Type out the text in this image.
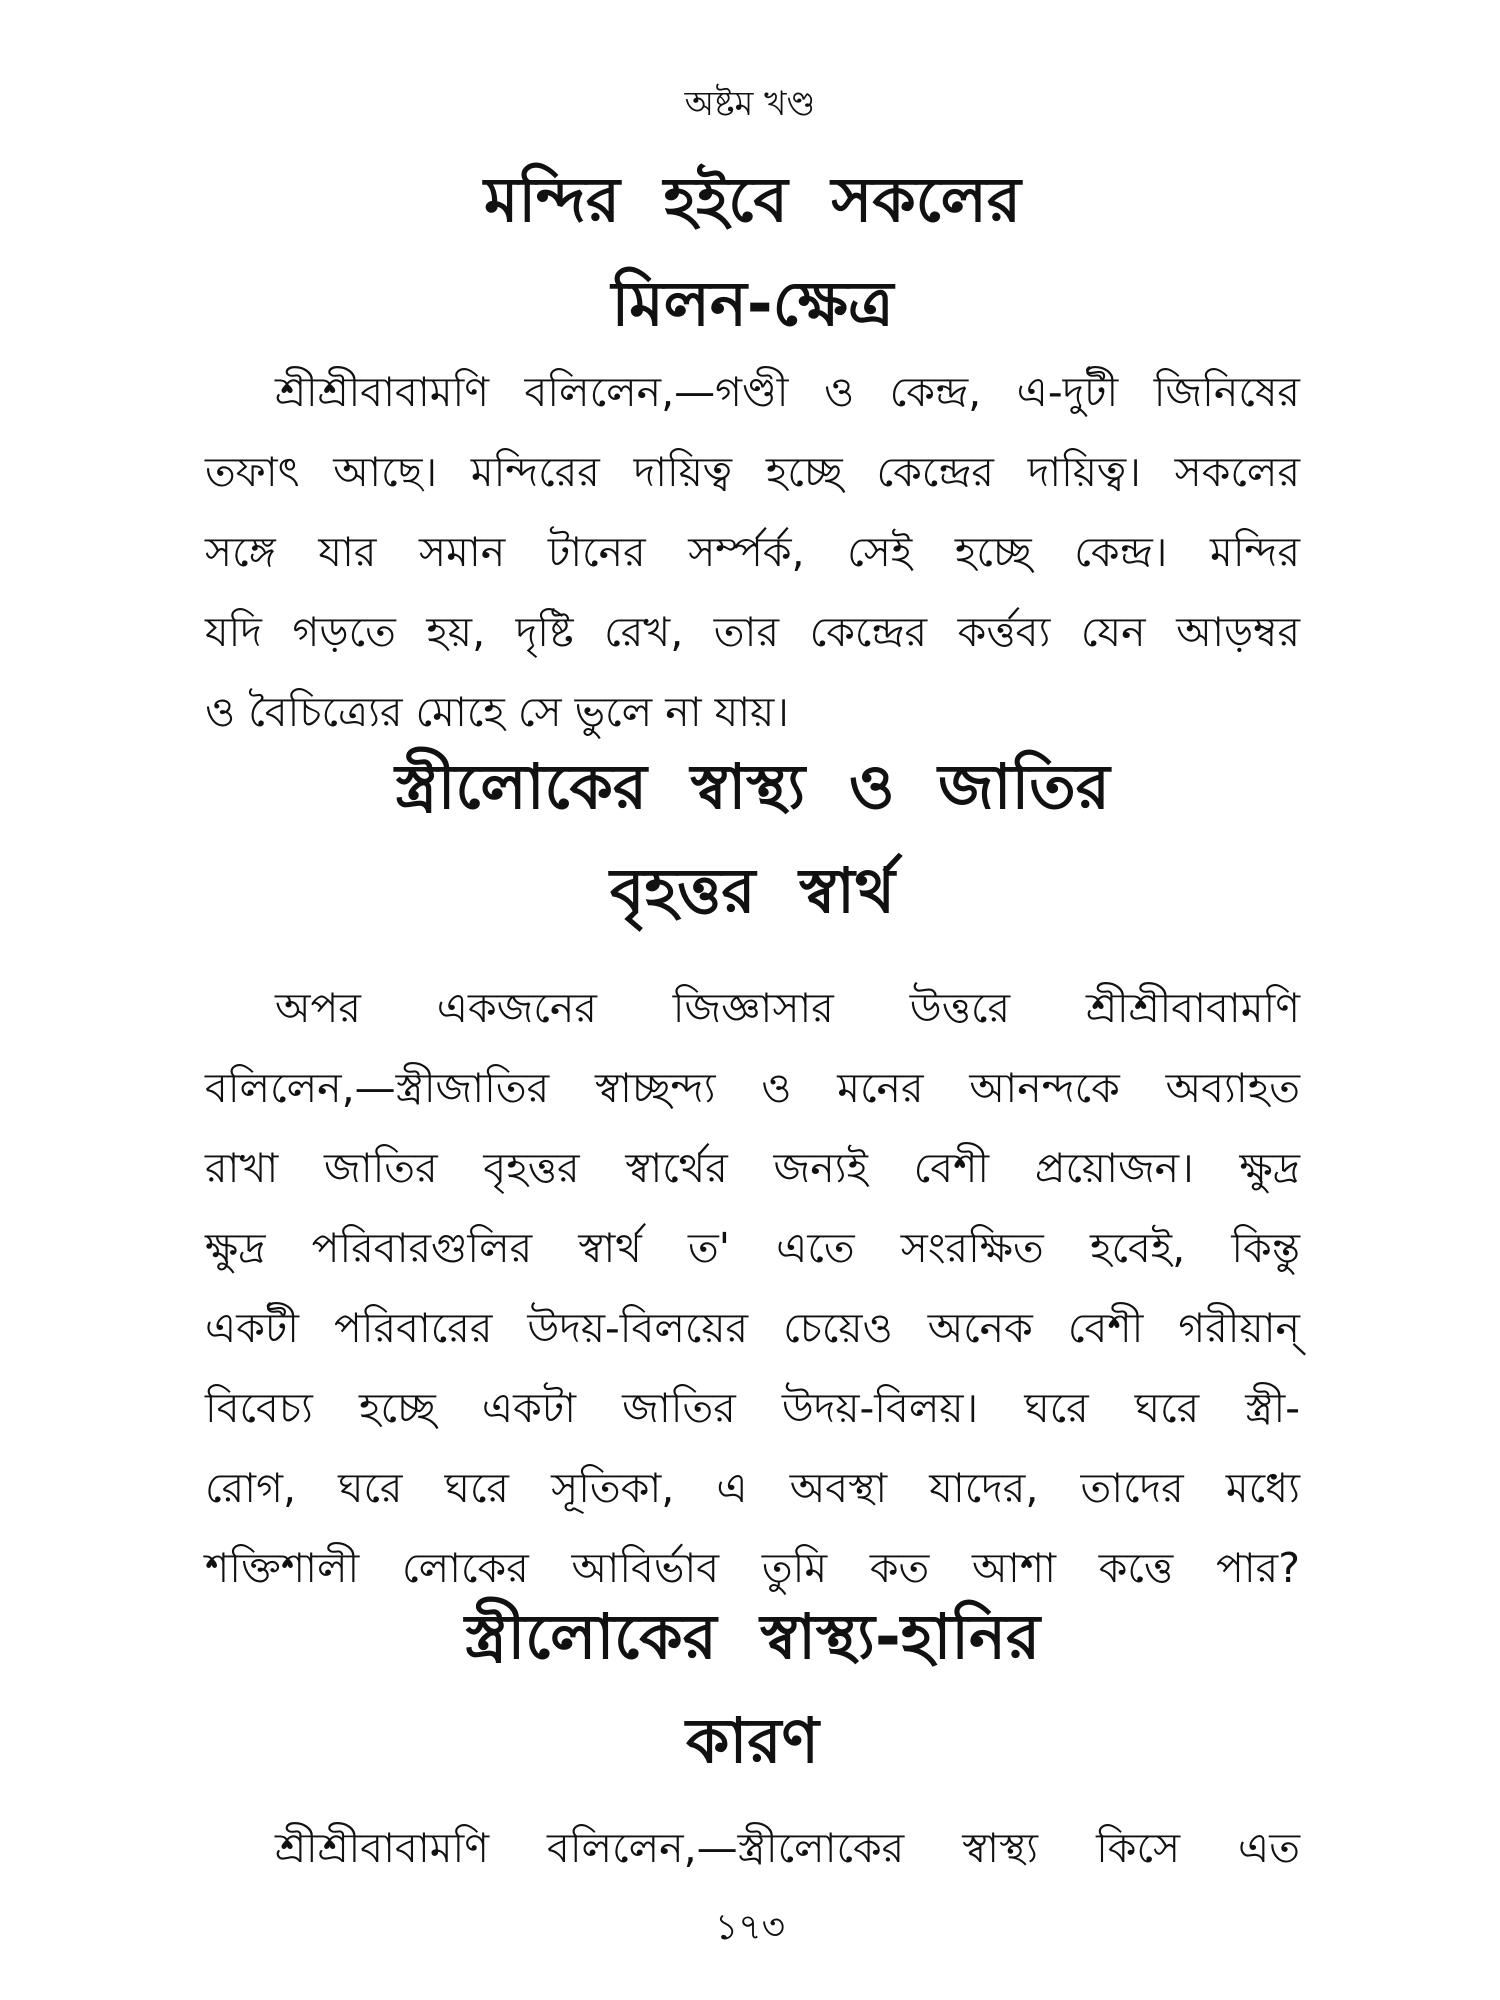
অষ্টম খণ্ড
মন্দির হইবে সকলের
মিলন-ক্ষেত্র

শ্রীশ্রীবাবামণি বলিলেন,—গণ্ডী ও কেন্দ্র, এ-দুটী জিনিষের
তফাৎ আছে। মন্দিরের দায়িত্ব হচ্ছে কেন্দ্রের দায়িত্ব। সকলের
সঙ্গে যার সমান টানের সর্ম্পর্ক, সেই হচ্ছে কেন্দ্র। মন্দির
যদি গড়তে হয়, দৃষ্টি রেখ, তার কেন্দ্রের কর্ত্তব্য যেন আড়ম্বর
ও বৈচিত্র্যের মোহে সে ভুলে না যায়।

স্ত্রীলোকের স্বাস্থ্য ও জাতির
বৃহত্তর স্বার্থ

অপর একজনের জিজ্ঞাসার উত্তরে শ্রীশ্রীবাবামণি
বলিলেন,—স্ত্রীজাতির স্বাচ্ছন্দ্য ও মনের আনন্দকে অব্যাহত
রাখা জাতির বৃহত্তর স্বার্থের জন্যই বেশী প্রয়োজন। ক্ষুদ্র
ক্ষুদ্র পরিবারগুলির স্বার্থ ত' এতে সংরক্ষিত হবেই, কিন্তু
একটী পরিবারের উদয়-বিলয়ের চেয়েও অনেক বেশী গরীয়ান্
বিবেচ্য হচ্ছে একটা জাতির উদয়-বিলয়। ঘরে ঘরে স্ত্রী-
রোগ, ঘরে ঘরে সূতিকা, এ অবস্থা যাদের, তাদের মধ্যে
শক্তিশালী লোকের আবির্ভাব তুমি কত আশা কত্তে পার?

স্ত্রীলোকের স্বাস্থ্য-হানির
কারণ

শ্রীশ্রীবাবামণি বলিলেন,—স্ত্রীলোকের স্বাস্থ্য কিসে এত

১৭৩
